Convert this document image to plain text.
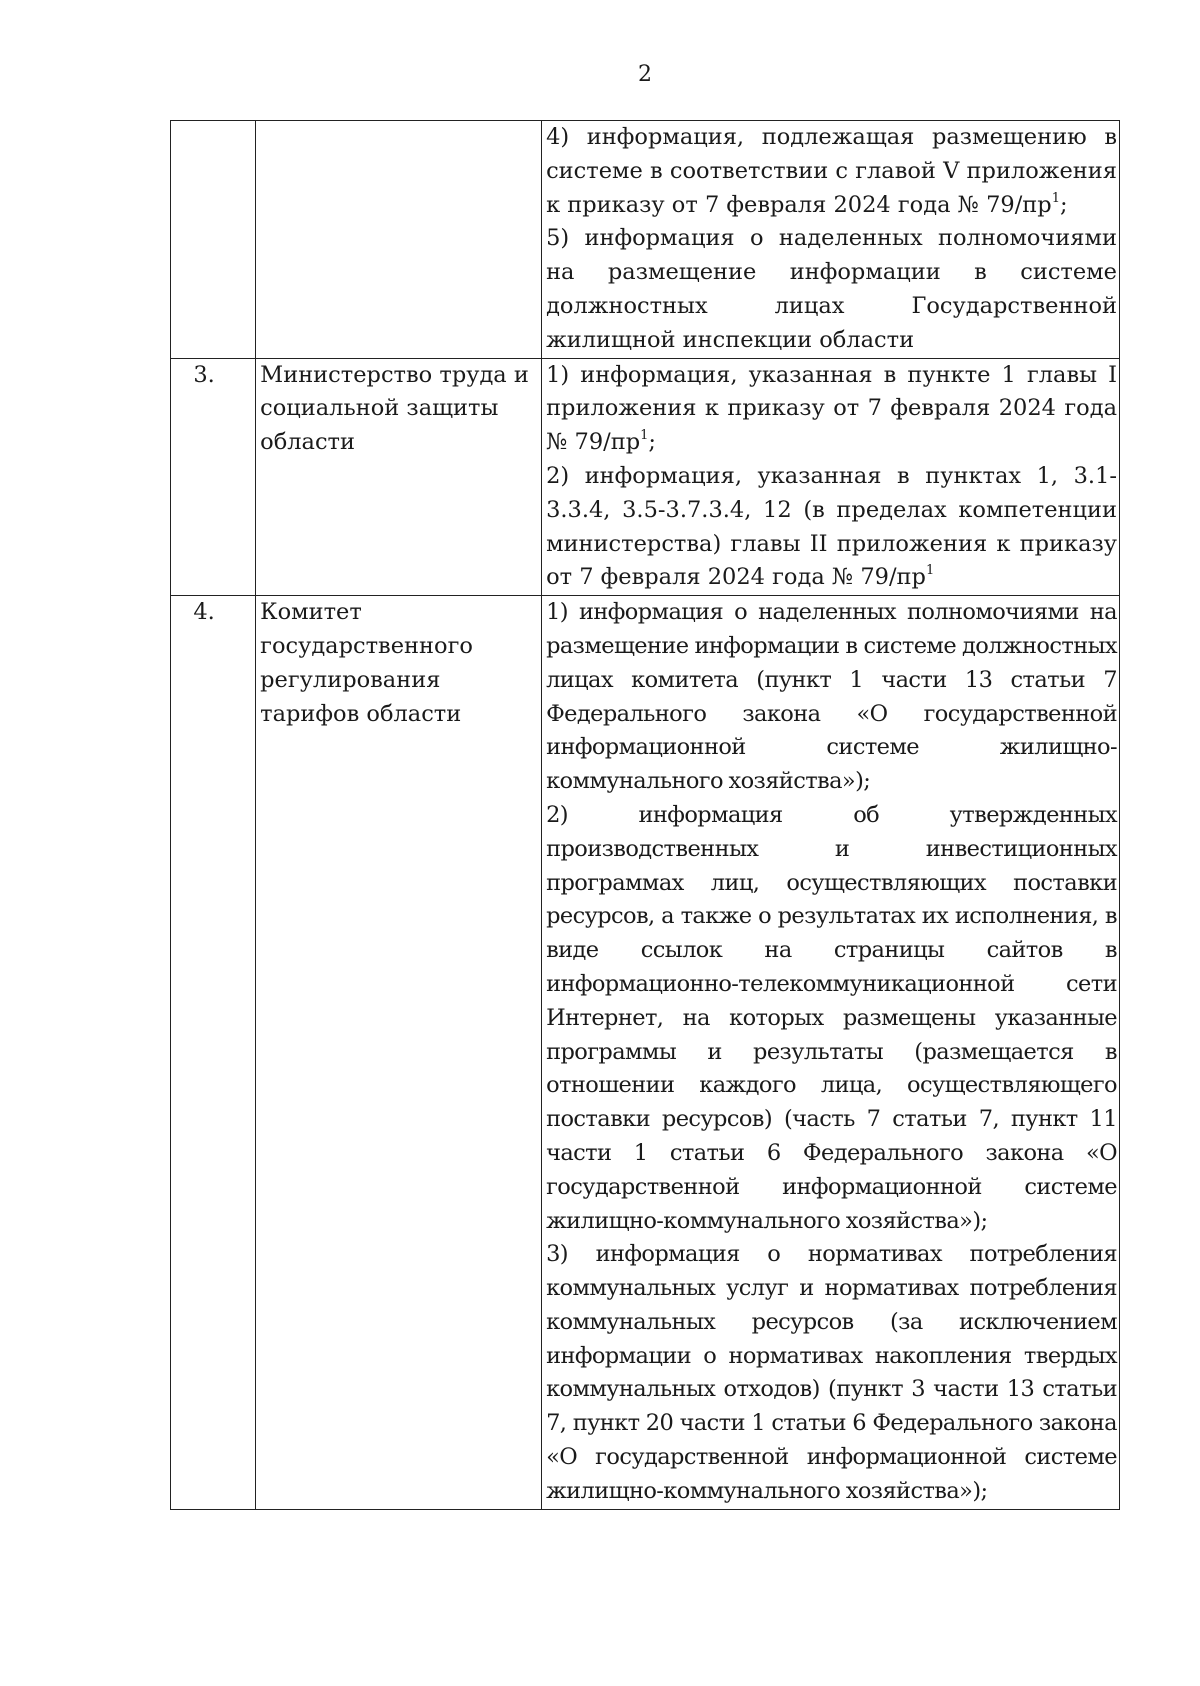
2

		4) информация, подлежащая размещению в системе в соответствии с главой V приложения к приказу от 7 февраля 2024 года № $79/пр^1$;
5) информация о наделенных полномочиями на размещение информации в системе должностных лицах Государственной жилищной инспекции области

3.	Министерство труда и социальной защиты области	1) информация, указанная в пункте 1 главы I приложения к приказу от 7 февраля 2024 года № $79/пр^1$;
2) информация, указанная в пунктах 1, 3.1-3.3.4, 3.5-3.7.3.4, 12 (в пределах компетенции министерства) главы II приложения к приказу от 7 февраля 2024 года № $79/пр^1$

4.	Комитет государственного регулирования тарифов области	1) информация о наделенных полномочиями на размещение информации в системе должностных лицах комитета (пункт 1 части 13 статьи 7 Федерального закона «О государственной информационной системе жилищно-коммунального хозяйства»);
2) информация об утвержденных производственных и инвестиционных программах лиц, осуществляющих поставки ресурсов, а также о результатах их исполнения, в виде ссылок на страницы сайтов в информационно-телекоммуникационной сети Интернет, на которых размещены указанные программы и результаты (размещается в отношении каждого лица, осуществляющего поставки ресурсов) (часть 7 статьи 7, пункт 11 части 1 статьи 6 Федерального закона «О государственной информационной системе жилищно-коммунального хозяйства»);
3) информация о нормативах потребления коммунальных услуг и нормативах потребления коммунальных ресурсов (за исключением информации о нормативах накопления твердых коммунальных отходов) (пункт 3 части 13 статьи 7, пункт 20 части 1 статьи 6 Федерального закона «О государственной информационной системе жилищно-коммунального хозяйства»);
